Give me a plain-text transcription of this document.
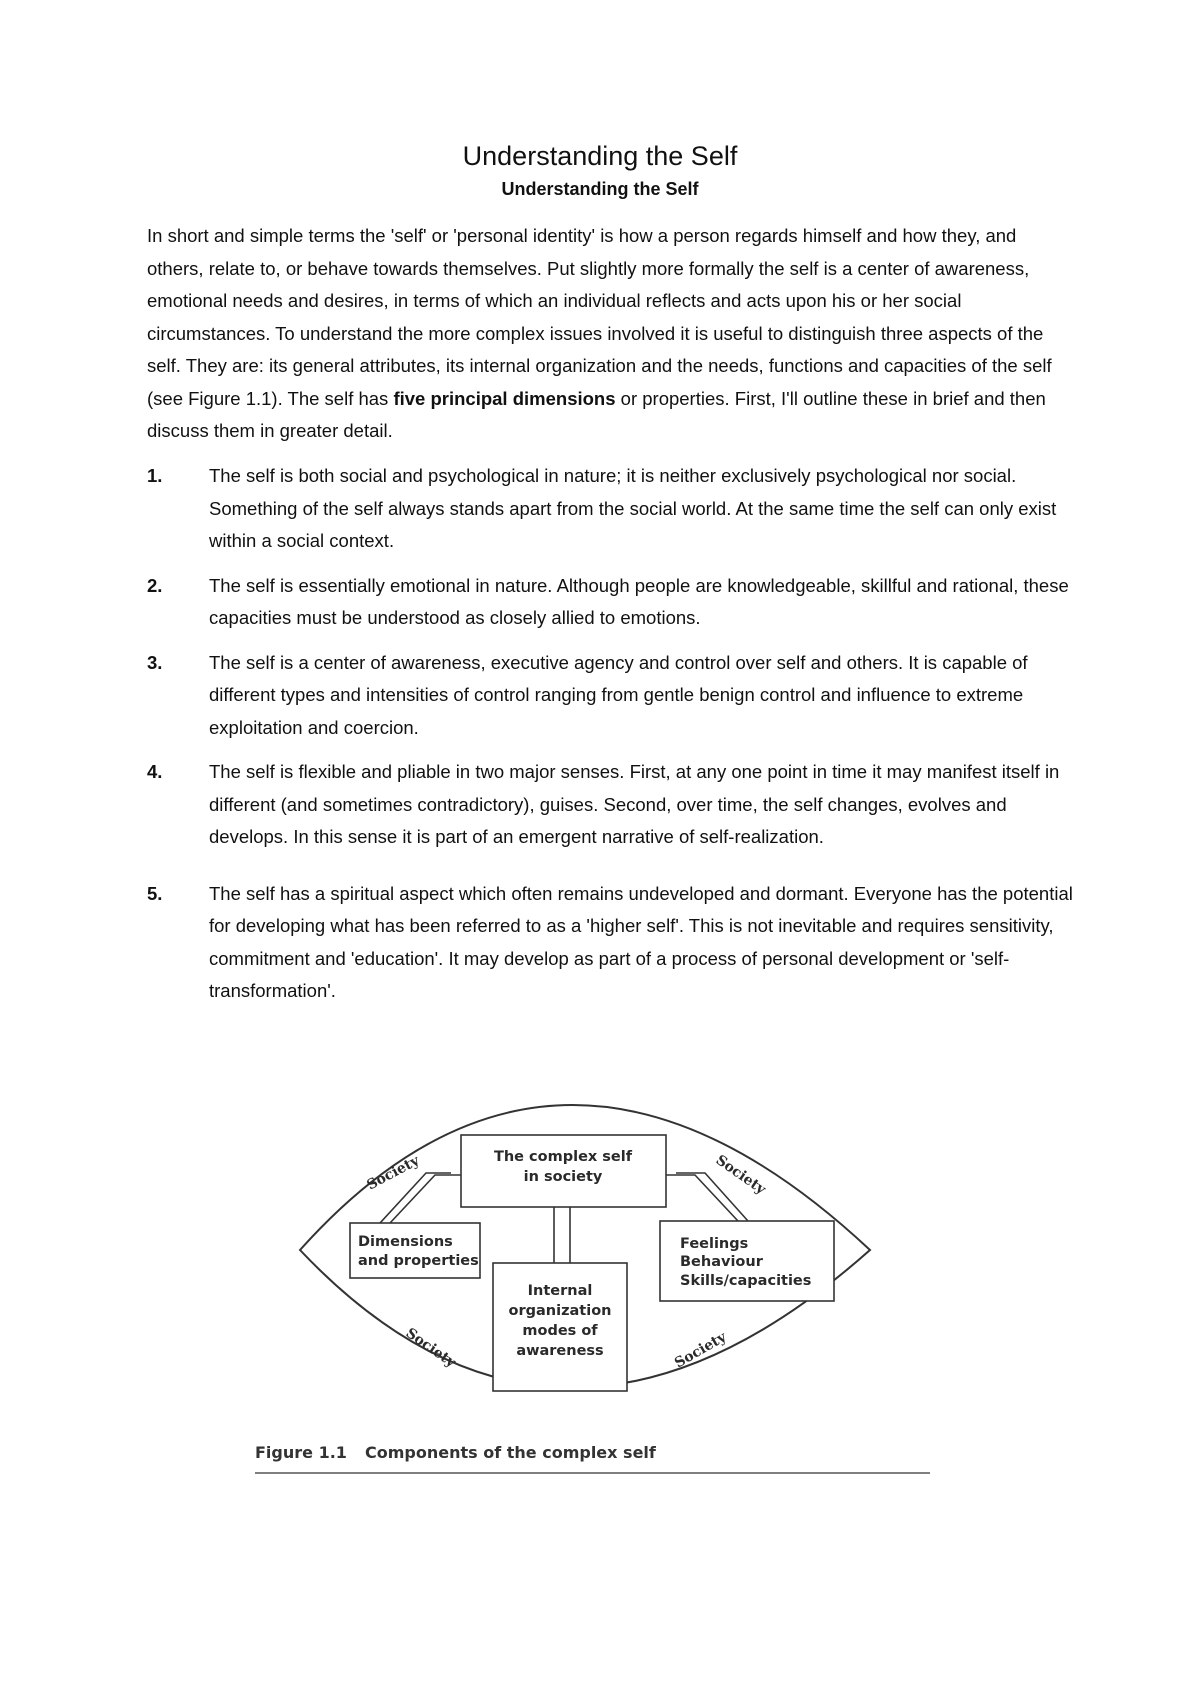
Understanding the Self
Understanding the Self

In short and simple terms the 'self' or 'personal identity' is how a person regards himself and how they, and others, relate to, or behave towards themselves. Put slightly more formally the self is a center of awareness, emotional needs and desires, in terms of which an individual reflects and acts upon his or her social circumstances. To understand the more complex issues involved it is useful to distinguish three aspects of the self. They are: its general attributes, its internal organization and the needs, functions and capacities of the self (see Figure 1.1). The self has five principal dimensions or properties. First, I'll outline these in brief and then discuss them in greater detail.

1.	The self is both social and psychological in nature; it is neither exclusively psychological nor social. Something of the self always stands apart from the social world. At the same time the self can only exist within a social context.
2.	The self is essentially emotional in nature. Although people are knowledgeable, skillful and rational, these capacities must be understood as closely allied to emotions.
3.	The self is a center of awareness, executive agency and control over self and others. It is capable of different types and intensities of control ranging from gentle benign control and influence to extreme exploitation and coercion.
4.	The self is flexible and pliable in two major senses. First, at any one point in time it may manifest itself in different (and sometimes contradictory), guises. Second, over time, the self changes, evolves and develops. In this sense it is part of an emergent narrative of self-realization.
5.	The self has a spiritual aspect which often remains undeveloped and dormant. Everyone has the potential for developing what has been referred to as a 'higher self'. This is not inevitable and requires sensitivity, commitment and 'education'. It may develop as part of a process of personal development or 'self-transformation'.
The complex self
in society
Dimensions
and properties
Internal
organization
modes of
awareness
Feelings
Behaviour
Skills/capacities
Society	Society
Society	Society
Figure 1.1 Components of the complex self
